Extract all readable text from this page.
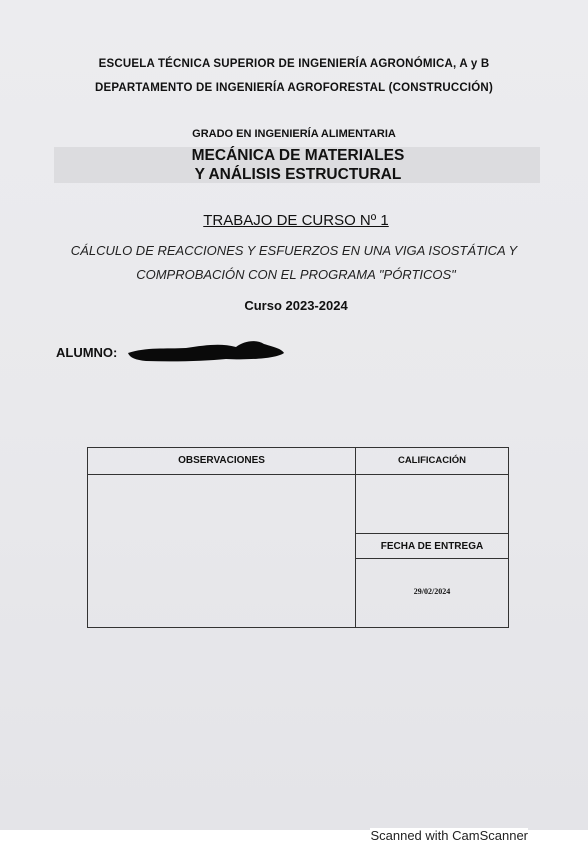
ESCUELA TÉCNICA SUPERIOR DE INGENIERÍA AGRONÓMICA, A y B
DEPARTAMENTO DE INGENIERÍA AGROFORESTAL (CONSTRUCCIÓN)
GRADO EN INGENIERÍA ALIMENTARIA
MECÁNICA DE MATERIALES
Y ANÁLISIS ESTRUCTURAL
TRABAJO DE CURSO Nº 1
CÁLCULO DE REACCIONES Y ESFUERZOS EN UNA VIGA ISOSTÁTICA Y
COMPROBACIÓN CON EL PROGRAMA "PÓRTICOS"
Curso 2023-2024
ALUMNO:
OBSERVACIONES	CALIFICACIÓN
FECHA DE ENTREGA
29/02/2024
Scanned with CamScanner
